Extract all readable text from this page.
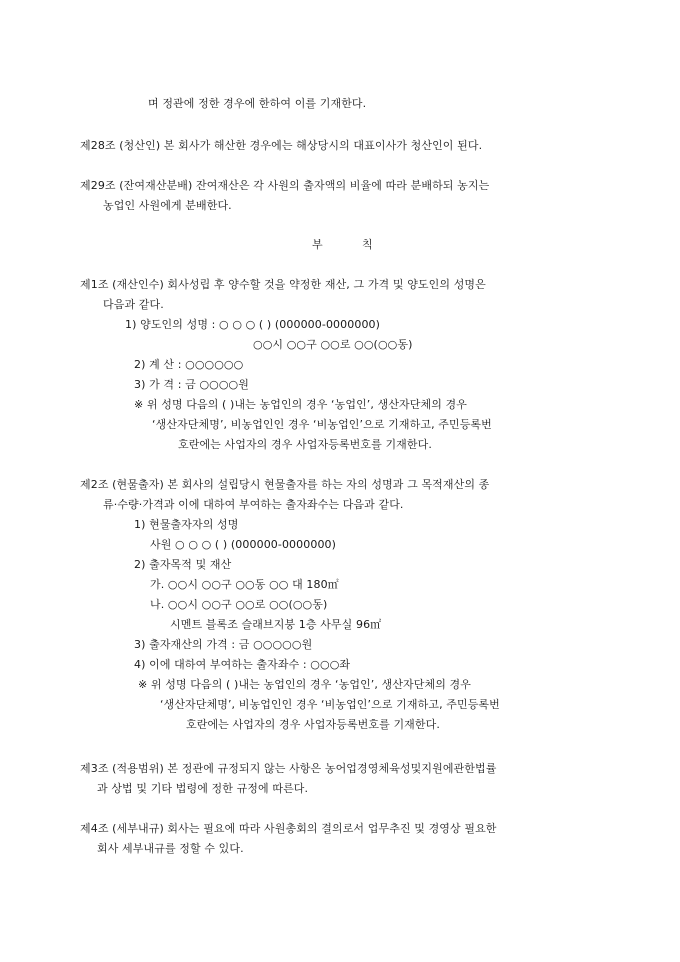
며 정관에 정한 경우에 한하여 이를 기재한다.
제28조 (청산인) 본 회사가 해산한 경우에는 해상당시의 대표이사가 청산인이 된다.
제29조 (잔여재산분배) 잔여재산은 각 사원의 출자액의 비율에 따라 분배하되 농지는
농업인 사원에게 분배한다.
부	칙
제1조 (재산인수) 회사성립 후 양수할 것을 약정한 재산, 그 가격 및 양도인의 성명은
다음과 같다.
1) 양도인의 성명 : ○ ○ ○ ( ) (000000-0000000)
○○시 ○○구 ○○로 ○○(○○동)
2) 계 산 : ○○○○○○
3) 가 격 : 금 ○○○○원
※ 위 성명 다음의 ( )내는 농업인의 경우 ‘농업인’, 생산자단체의 경우
‘생산자단체명’, 비농업인인 경우 ‘비농업인’으로 기재하고, 주민등록번
호란에는 사업자의 경우 사업자등록번호를 기재한다.
제2조 (현물출자) 본 회사의 설립당시 현물출자를 하는 자의 성명과 그 목적재산의 종
류·수량·가격과 이에 대하여 부여하는 출자좌수는 다음과 같다.
1) 현물출자자의 성명
사원 ○ ○ ○ ( ) (000000-0000000)
2) 출자목적 및 재산
가. ○○시 ○○구 ○○동 ○○ 대 180㎡
나. ○○시 ○○구 ○○로 ○○(○○동)
시멘트 블록조 슬래브지붕 1층 사무실 96㎡
3) 출자재산의 가격 : 금 ○○○○○원
4) 이에 대하여 부여하는 출자좌수 : ○○○좌
※ 위 성명 다음의 ( )내는 농업인의 경우 ‘농업인’, 생산자단체의 경우
‘생산자단체명’, 비농업인인 경우 ‘비농업인’으로 기재하고, 주민등록번
호란에는 사업자의 경우 사업자등록번호를 기재한다.
제3조 (적용범위) 본 정관에 규정되지 않는 사항은 농어업경영체육성및지원에관한법률
과 상법 및 기타 법령에 정한 규정에 따른다.
제4조 (세부내규) 회사는 필요에 따라 사원총회의 결의로서 업무추진 및 경영상 필요한
회사 세부내규를 정할 수 있다.
